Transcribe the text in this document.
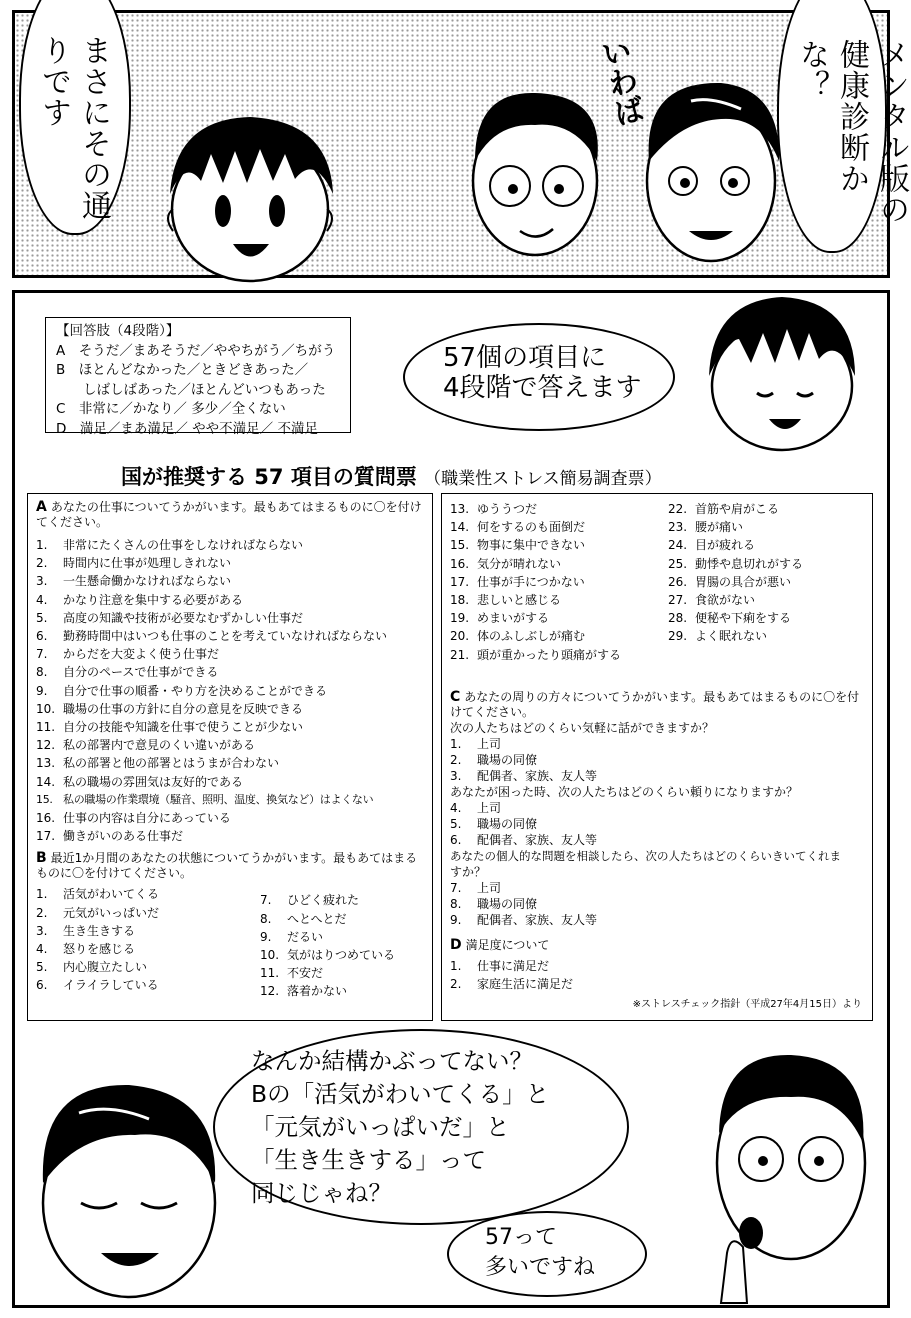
まさにその通りです	メンタル版の健康診断かな？
いわば
【回答肢（4段階）】
A　そうだ／まあそうだ／ややちがう／ちがう
B　ほとんどなかった／ときどきあった／
　　しばしばあった／ほとんどいつもあった
C　非常に／かなり／ 多少／全くない
D　満足／まあ満足／ やや不満足／ 不満足
57個の項目に
4段階で答えます
国が推奨する 57 項目の質問票 （職業性ストレス簡易調査票）
A あなたの仕事についてうかがいます。最もあてはまるものに〇を付けてください。
1. 非常にたくさんの仕事をしなければならない
2. 時間内に仕事が処理しきれない
3. 一生懸命働かなければならない
4. かなり注意を集中する必要がある
5. 高度の知識や技術が必要なむずかしい仕事だ
6. 勤務時間中はいつも仕事のことを考えていなければならない
7. からだを大変よく使う仕事だ
8. 自分のペースで仕事ができる
9. 自分で仕事の順番・やり方を決めることができる
10. 職場の仕事の方針に自分の意見を反映できる
11. 自分の技能や知識を仕事で使うことが少ない
12. 私の部署内で意見のくい違いがある
13. 私の部署と他の部署とはうまが合わない
14. 私の職場の雰囲気は友好的である
15. 私の職場の作業環境（騒音、照明、温度、換気など）はよくない
16. 仕事の内容は自分にあっている
17. 働きがいのある仕事だ
B 最近1か月間のあなたの状態についてうかがいます。最もあてはまるものに〇を付けてください。
1. 活気がわいてくる
2. 元気がいっぱいだ
3. 生き生きする
4. 怒りを感じる
5. 内心腹立たしい
6. イライラしている
7. ひどく疲れた
8. へとへとだ
9. だるい
10. 気がはりつめている
11. 不安だ
12. 落着かない
13. ゆううつだ
14. 何をするのも面倒だ
15. 物事に集中できない
16. 気分が晴れない
17. 仕事が手につかない
18. 悲しいと感じる
19. めまいがする
20. 体のふしぶしが痛む
21. 頭が重かったり頭痛がする
22. 首筋や肩がこる
23. 腰が痛い
24. 目が疲れる
25. 動悸や息切れがする
26. 胃腸の具合が悪い
27. 食欲がない
28. 便秘や下痢をする
29. よく眠れない
C あなたの周りの方々についてうかがいます。最もあてはまるものに〇を付けてください。
次の人たちはどのくらい気軽に話ができますか？
1. 上司
2. 職場の同僚
3. 配偶者、家族、友人等
あなたが困った時、次の人たちはどのくらい頼りになりますか？
4. 上司
5. 職場の同僚
6. 配偶者、家族、友人等
あなたの個人的な問題を相談したら、次の人たちはどのくらいきいてくれま
すか？
7. 上司
8. 職場の同僚
9. 配偶者、家族、友人等
D 満足度について
1. 仕事に満足だ
2. 家庭生活に満足だ
※ストレスチェック指針（平成27年4月15日）より
なんか結構かぶってない？
Bの「活気がわいてくる」と
「元気がいっぱいだ」と
「生き生きする」って
同じじゃね？
57って
多いですね
